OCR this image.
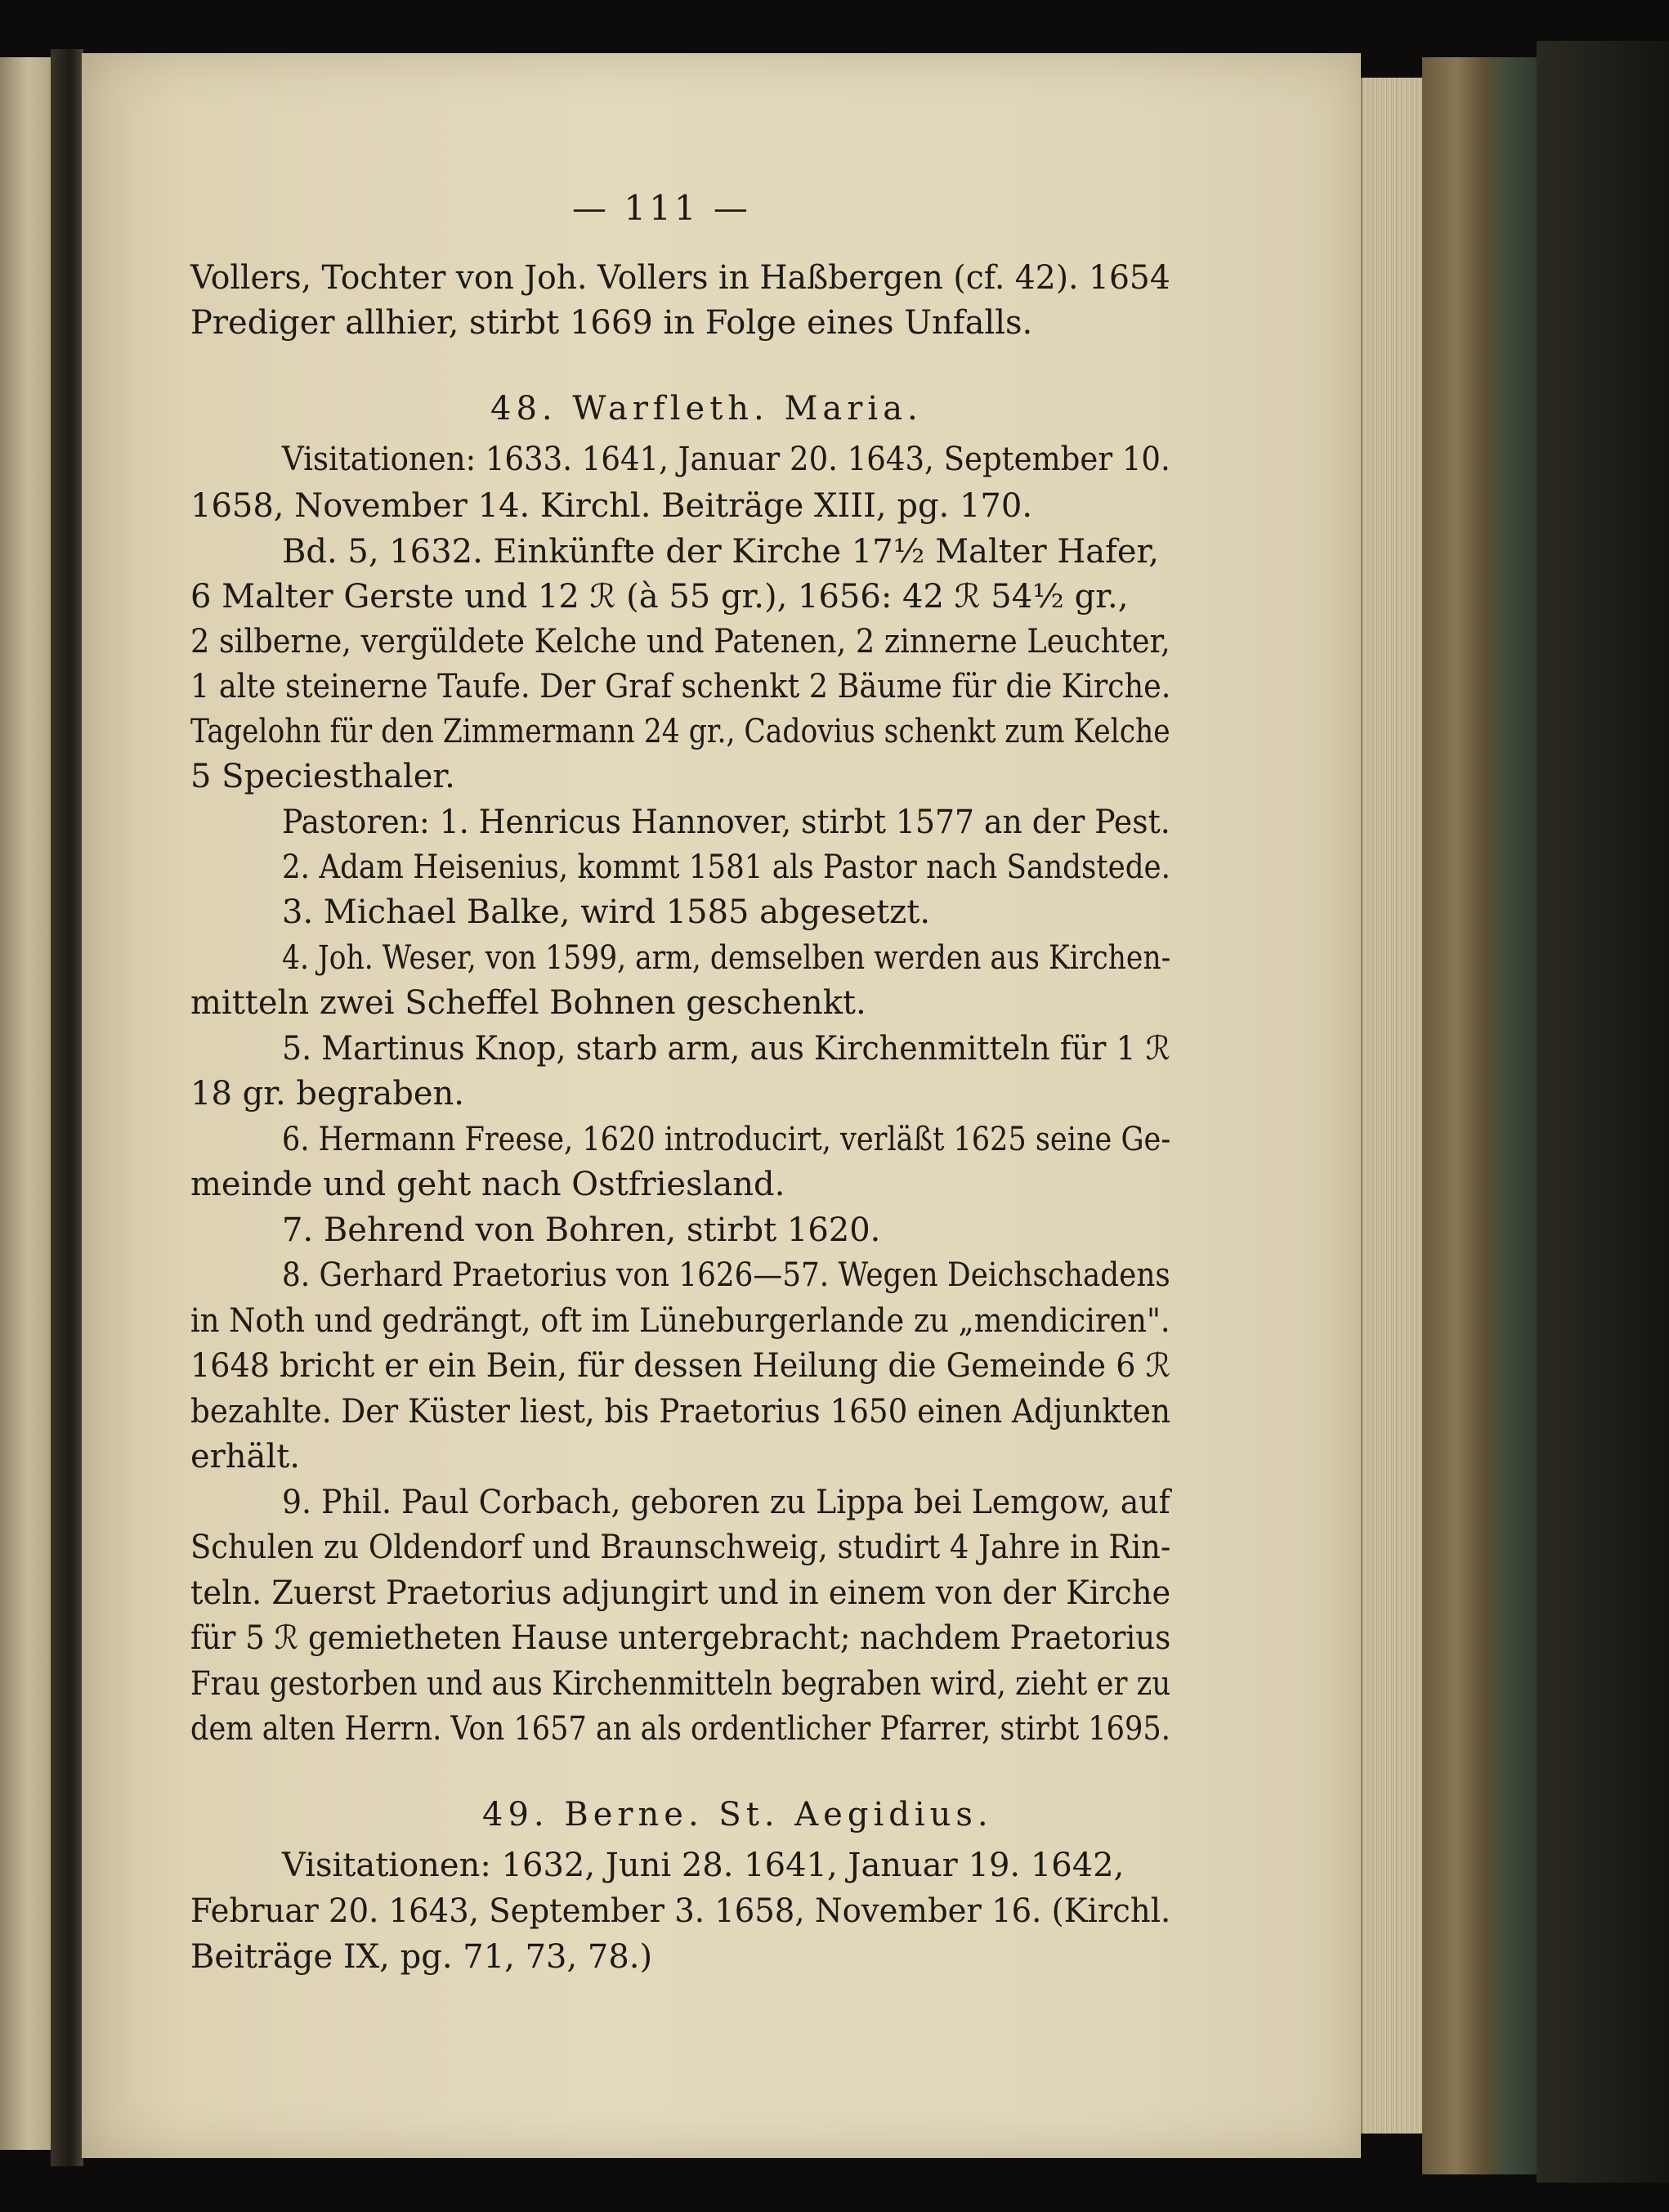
— 111 —
Vollers, Tochter von Joh. Vollers in Haßbergen (cf. 42). 1654
Prediger allhier, stirbt 1669 in Folge eines Unfalls.
48. Warfleth. Maria.
Visitationen: 1633. 1641, Januar 20. 1643, September 10.
1658, November 14. Kirchl. Beiträge XIII, pg. 170.
Bd. 5, 1632. Einkünfte der Kirche 17½ Malter Hafer,
6 Malter Gerste und 12 ℛ (à 55 gr.), 1656: 42 ℛ 54½ gr.,
2 silberne, vergüldete Kelche und Patenen, 2 zinnerne Leuchter,
1 alte steinerne Taufe. Der Graf schenkt 2 Bäume für die Kirche.
Tagelohn für den Zimmermann 24 gr., Cadovius schenkt zum Kelche
5 Speciesthaler.
Pastoren: 1. Henricus Hannover, stirbt 1577 an der Pest.
2. Adam Heisenius, kommt 1581 als Pastor nach Sandstede.
3. Michael Balke, wird 1585 abgesetzt.
4. Joh. Weser, von 1599, arm, demselben werden aus Kirchen-
mitteln zwei Scheffel Bohnen geschenkt.
5. Martinus Knop, starb arm, aus Kirchenmitteln für 1 ℛ
18 gr. begraben.
6. Hermann Freese, 1620 introducirt, verläßt 1625 seine Ge-
meinde und geht nach Ostfriesland.
7. Behrend von Bohren, stirbt 1620.
8. Gerhard Praetorius von 1626—57. Wegen Deichschadens
in Noth und gedrängt, oft im Lüneburgerlande zu „mendiciren".
1648 bricht er ein Bein, für dessen Heilung die Gemeinde 6 ℛ
bezahlte. Der Küster liest, bis Praetorius 1650 einen Adjunkten
erhält.
9. Phil. Paul Corbach, geboren zu Lippa bei Lemgow, auf
Schulen zu Oldendorf und Braunschweig, studirt 4 Jahre in Rin-
teln. Zuerst Praetorius adjungirt und in einem von der Kirche
für 5 ℛ gemietheten Hause untergebracht; nachdem Praetorius
Frau gestorben und aus Kirchenmitteln begraben wird, zieht er zu
dem alten Herrn. Von 1657 an als ordentlicher Pfarrer, stirbt 1695.
49. Berne. St. Aegidius.
Visitationen: 1632, Juni 28. 1641, Januar 19. 1642,
Februar 20. 1643, September 3. 1658, November 16. (Kirchl.
Beiträge IX, pg. 71, 73, 78.)
